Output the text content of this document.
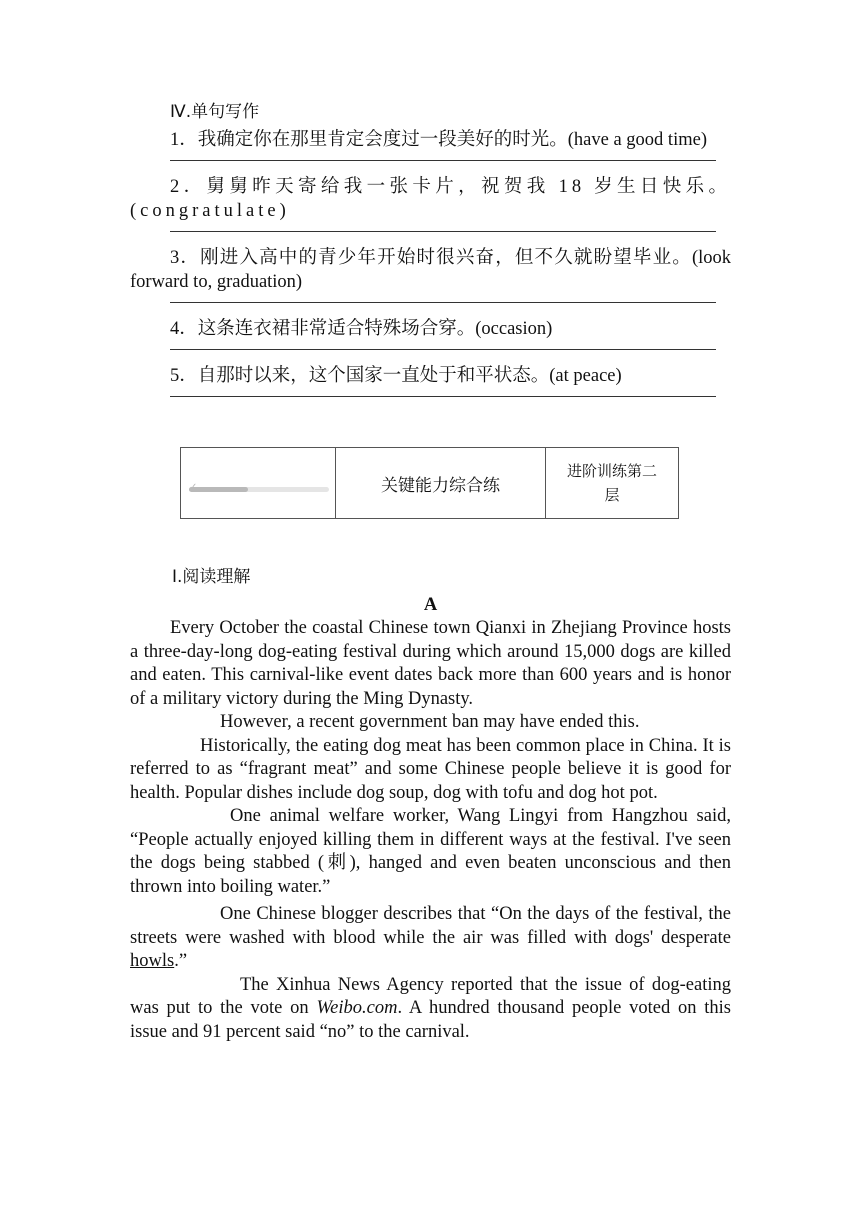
Ⅳ.单句写作

1．我确定你在那里肯定会度过一段美好的时光。(have a good time)

2．舅舅昨天寄给我一张卡片，祝贺我 18 岁生日快乐。(congratulate)

3．刚进入高中的青少年开始时很兴奋，但不久就盼望毕业。(look forward to, graduation)

4．这条连衣裙非常适合特殊场合穿。(occasion)

5．自那时以来，这个国家一直处于和平状态。(at peace)

关键能力综合练
进阶训练第二层

Ⅰ.阅读理解

A

Every October the coastal Chinese town Qianxi in Zhejiang Province hosts a three-day-long dog-eating festival during which around 15,000 dogs are killed and eaten. This carnival-like event dates back more than 600 years and is honor of a military victory during the Ming Dynasty.

However, a recent government ban may have ended this.

Historically, the eating dog meat has been common place in China. It is referred to as “fragrant meat” and some Chinese people believe it is good for health. Popular dishes include dog soup, dog with tofu and dog hot pot.

One animal welfare worker, Wang Lingyi from Hangzhou said, “People actually enjoyed killing them in different ways at the festival. I've seen the dogs being stabbed (刺), hanged and even beaten unconscious and then thrown into boiling water.”

One Chinese blogger describes that “On the days of the festival, the streets were washed with blood while the air was filled with dogs' desperate howls.”

The Xinhua News Agency reported that the issue of dog-eating was put to the vote on Weibo.com. A hundred thousand people voted on this issue and 91 percent said “no” to the carnival.
